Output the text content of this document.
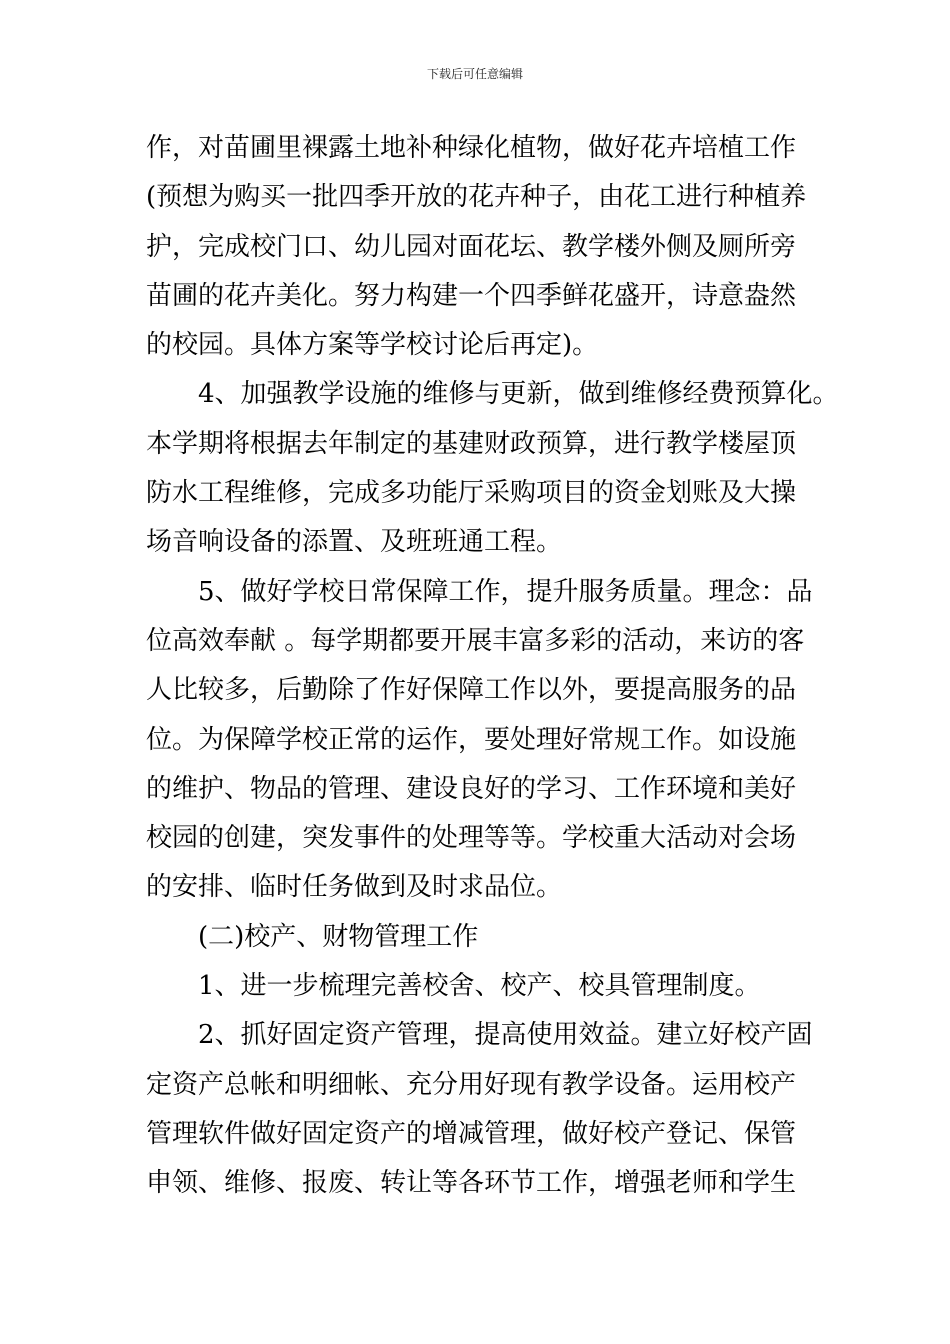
下载后可任意编辑
作，对苗圃里裸露土地补种绿化植物，做好花卉培植工作
(预想为购买一批四季开放的花卉种子，由花工进行种植养
护，完成校门口、幼儿园对面花坛、教学楼外侧及厕所旁
苗圃的花卉美化。努力构建一个四季鲜花盛开，诗意盎然
的校园。具体方案等学校讨论后再定)。
4、加强教学设施的维修与更新，做到维修经费预算化。
本学期将根据去年制定的基建财政预算，进行教学楼屋顶
防水工程维修，完成多功能厅采购项目的资金划账及大操
场音响设备的添置、及班班通工程。
5、做好学校日常保障工作，提升服务质量。理念：品
位高效奉献 。每学期都要开展丰富多彩的活动，来访的客
人比较多，后勤除了作好保障工作以外，要提高服务的品
位。为保障学校正常的运作，要处理好常规工作。如设施
的维护、物品的管理、建设良好的学习、工作环境和美好
校园的创建，突发事件的处理等等。学校重大活动对会场
的安排、临时任务做到及时求品位。
(二)校产、财物管理工作
1、进一步梳理完善校舍、校产、校具管理制度。
2、抓好固定资产管理，提高使用效益。建立好校产固
定资产总帐和明细帐、充分用好现有教学设备。运用校产
管理软件做好固定资产的增减管理，做好校产登记、保管
申领、维修、报废、转让等各环节工作，增强老师和学生
